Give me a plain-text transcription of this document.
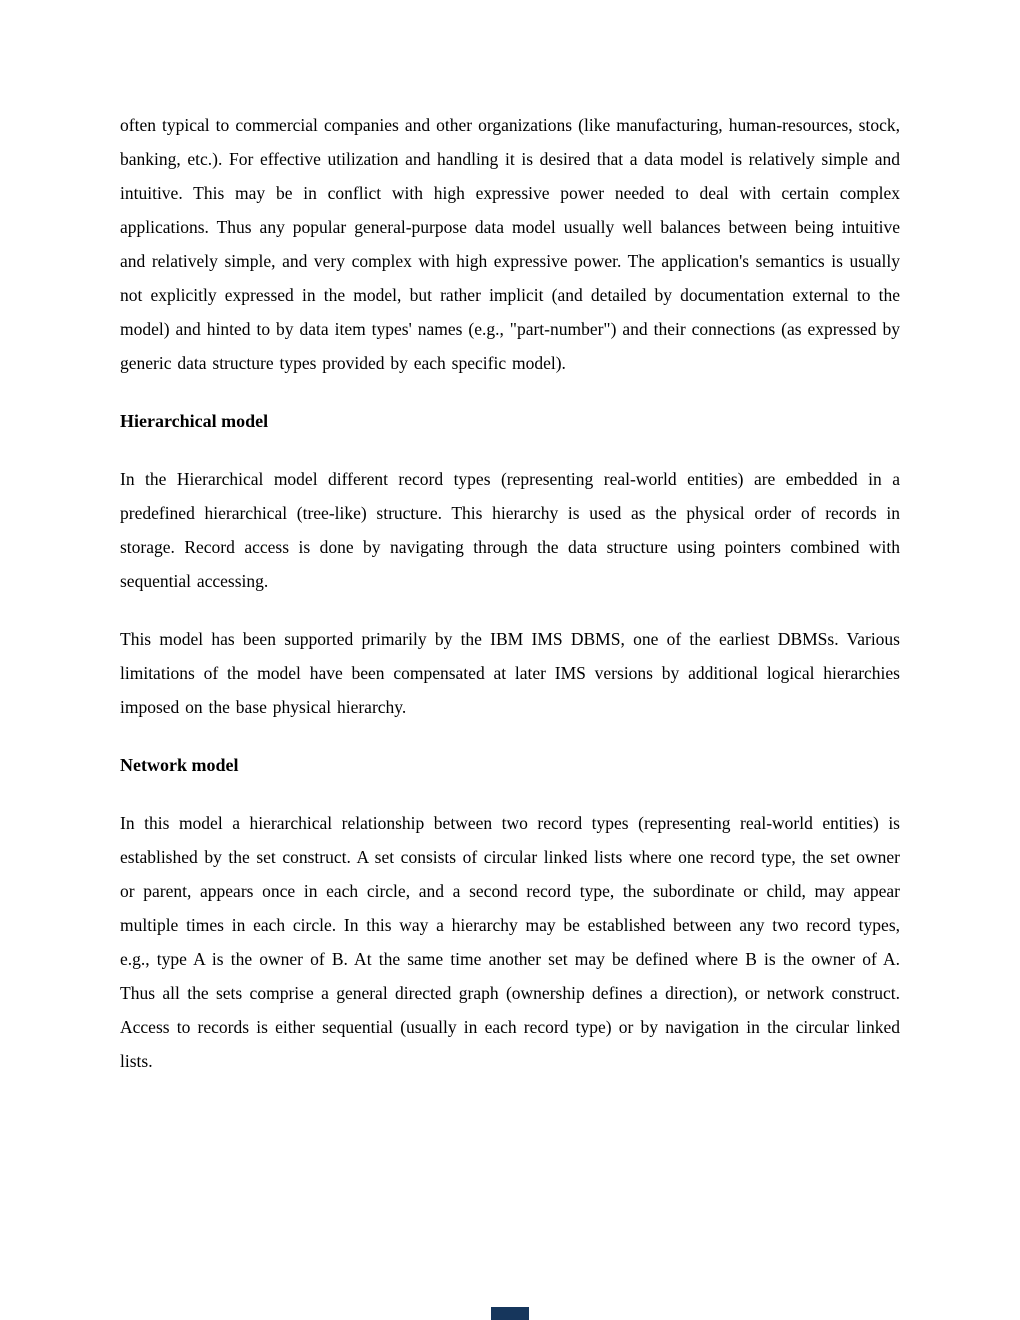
often typical to commercial companies and other organizations (like manufacturing, human-resources, stock, banking, etc.). For effective utilization and handling it is desired that a data model is relatively simple and intuitive. This may be in conflict with high expressive power needed to deal with certain complex applications. Thus any popular general-purpose data model usually well balances between being intuitive and relatively simple, and very complex with high expressive power. The application's semantics is usually not explicitly expressed in the model, but rather implicit (and detailed by documentation external to the model) and hinted to by data item types' names (e.g., "part-number") and their connections (as expressed by generic data structure types provided by each specific model).

Hierarchical model

In the Hierarchical model different record types (representing real-world entities) are embedded in a predefined hierarchical (tree-like) structure. This hierarchy is used as the physical order of records in storage. Record access is done by navigating through the data structure using pointers combined with sequential accessing.

This model has been supported primarily by the IBM IMS DBMS, one of the earliest DBMSs. Various limitations of the model have been compensated at later IMS versions by additional logical hierarchies imposed on the base physical hierarchy.

Network model

In this model a hierarchical relationship between two record types (representing real-world entities) is established by the set construct. A set consists of circular linked lists where one record type, the set owner or parent, appears once in each circle, and a second record type, the subordinate or child, may appear multiple times in each circle. In this way a hierarchy may be established between any two record types, e.g., type A is the owner of B. At the same time another set may be defined where B is the owner of A. Thus all the sets comprise a general directed graph (ownership defines a direction), or network construct. Access to records is either sequential (usually in each record type) or by navigation in the circular linked lists.
